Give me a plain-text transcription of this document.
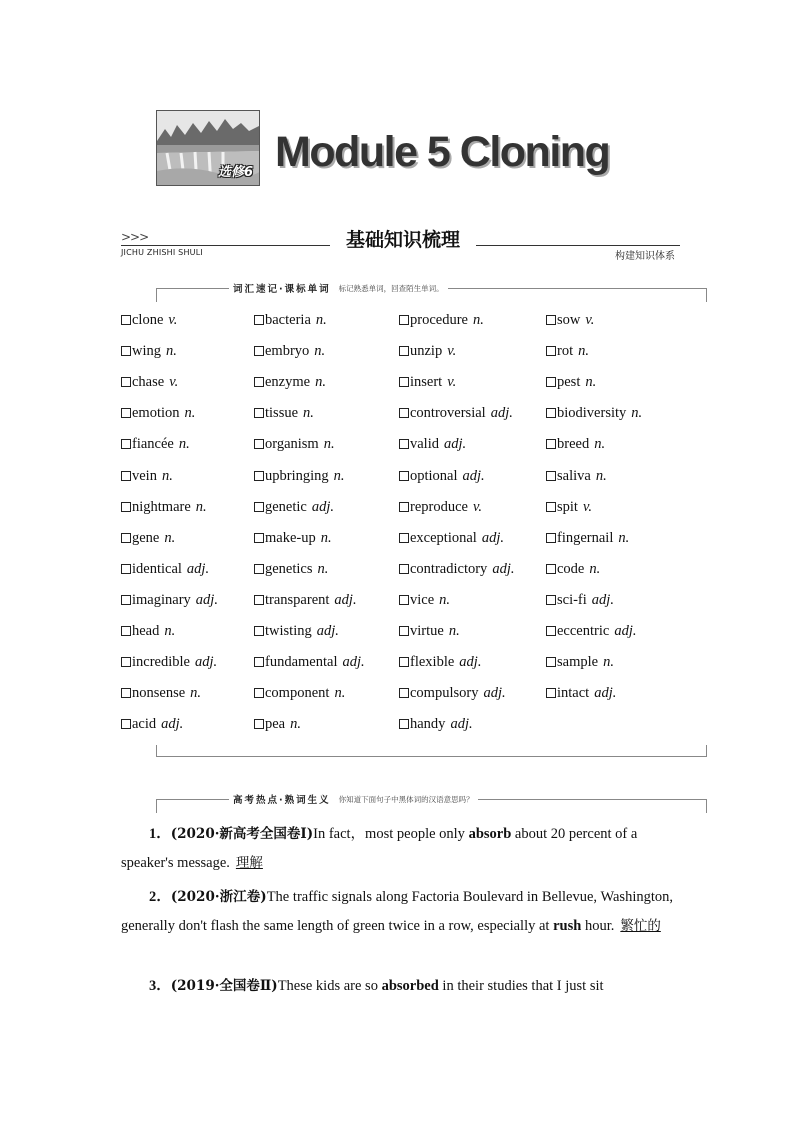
选修6 Module 5 Cloning
>>>	基础知识梳理
JICHU ZHISHI SHULI	构建知识体系
词汇速记·课标单词	标记熟悉单词，回查陌生单词。
clone v.	bacteria n.	procedure n.	sow v.
wing n.	embryo n.	unzip v.	rot n.
chase v.	enzyme n.	insert v.	pest n.
emotion n.	tissue n.	controversial adj.	biodiversity n.
fiancée n.	organism n.	valid adj.	breed n.
vein n.	upbringing n.	optional adj.	saliva n.
nightmare n.	genetic adj.	reproduce v.	spit v.
gene n.	make-up n.	exceptional adj.	fingernail n.
identical adj.	genetics n.	contradictory adj.	code n.
imaginary adj.	transparent adj.	vice n.	sci-fi adj.
head n.	twisting adj.	virtue n.	eccentric adj.
incredible adj.	fundamental adj.	flexible adj.	sample n.
nonsense n.	component n.	compulsory adj.	intact adj.
acid adj.	pea n.	handy adj.
高考热点·熟词生义	你知道下面句子中黑体词的汉语意思吗？
1．(2020·新高考全国卷Ⅰ)In fact，most people only absorb about 20 percent of a speaker's message. 理解
2．(2020·浙江卷)The traffic signals along Factoria Boulevard in Bellevue, Washington, generally don't flash the same length of green twice in a row, especially at rush hour. 繁忙的
3．(2019·全国卷Ⅱ)These kids are so absorbed in their studies that I just sit
